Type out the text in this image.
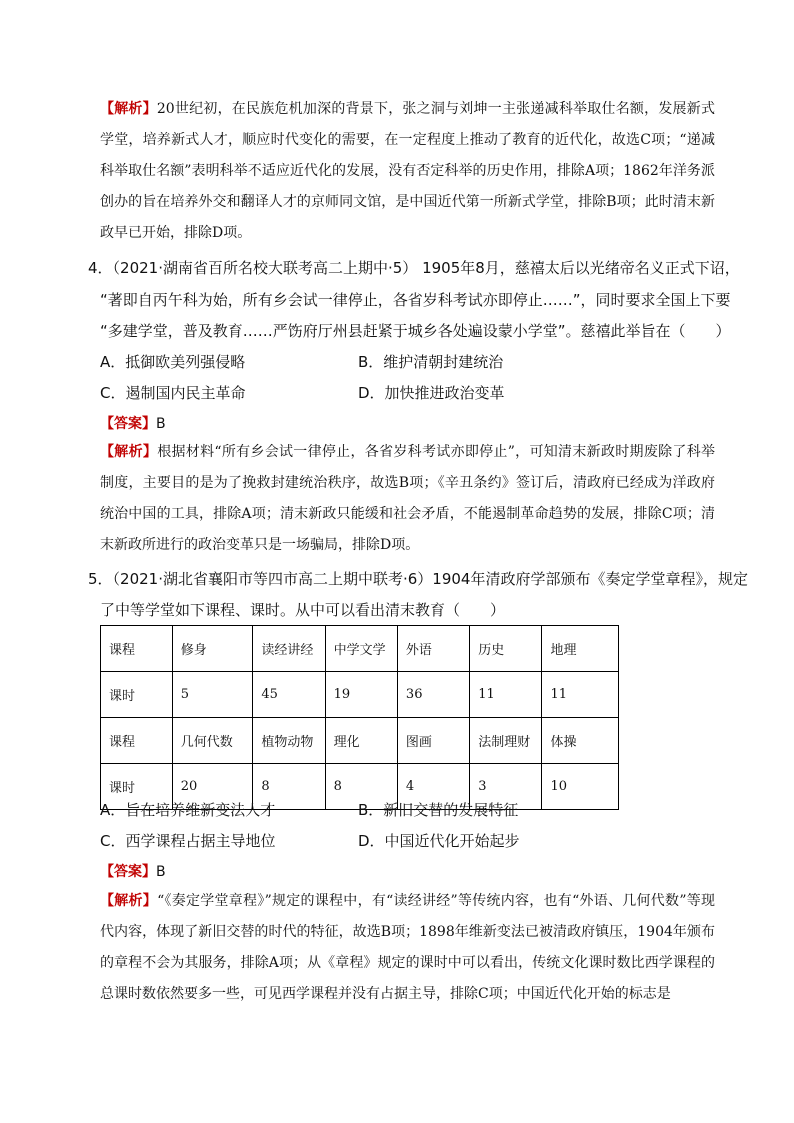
【解析】20世纪初，在民族危机加深的背景下，张之洞与刘坤一主张递减科举取仕名额，发展新式学堂，培养新式人才，顺应时代变化的需要，在一定程度上推动了教育的近代化，故选C项；“递减科举取仕名额”表明科举不适应近代化的发展，没有否定科举的历史作用，排除A项；1862年洋务派创办的旨在培养外交和翻译人才的京师同文馆，是中国近代第一所新式学堂，排除B项；此时清末新政早已开始，排除D项。
4．（2021·湖南省百所名校大联考高二上期中·5） 1905年8月，慈禧太后以光绪帝名义正式下诏，
“著即自丙午科为始，所有乡会试一律停止，各省岁科考试亦即停止……”，同时要求全国上下要
“多建学堂，普及教育……严饬府厅州县赶紧于城乡各处遍设蒙小学堂”。慈禧此举旨在（　　）
A．抵御欧美列强侵略	B．维护清朝封建统治
C．遏制国内民主革命	D．加快推进政治变革
【答案】B
【解析】根据材料“所有乡会试一律停止，各省岁科考试亦即停止”，可知清末新政时期废除了科举制度，主要目的是为了挽救封建统治秩序，故选B项；《辛丑条约》签订后，清政府已经成为洋政府统治中国的工具，排除A项；清末新政只能缓和社会矛盾，不能遏制革命趋势的发展，排除C项；清末新政所进行的政治变革只是一场骗局，排除D项。
5．（2021·湖北省襄阳市等四市高二上期中联考·6）1904年清政府学部颁布《奏定学堂章程》，规定
了中等学堂如下课程、课时。从中可以看出清末教育（　　）
课程	修身	读经讲经	中学文学	外语	历史	地理
课时	5	45	19	36	11	11
课程	几何代数	植物动物	理化	图画	法制理财	体操
课时	20	8	8	4	3	10
A．旨在培养维新变法人才	B．新旧交替的发展特征
C．西学课程占据主导地位	D．中国近代化开始起步
【答案】B
【解析】“《奏定学堂章程》”规定的课程中，有“读经讲经”等传统内容，也有“外语、几何代数”等现代内容，体现了新旧交替的时代的特征，故选B项；1898年维新变法已被清政府镇压，1904年颁布的章程不会为其服务，排除A项；从《章程》规定的课时中可以看出，传统文化课时数比西学课程的总课时数依然要多一些，可见西学课程并没有占据主导，排除C项；中国近代化开始的标志是
